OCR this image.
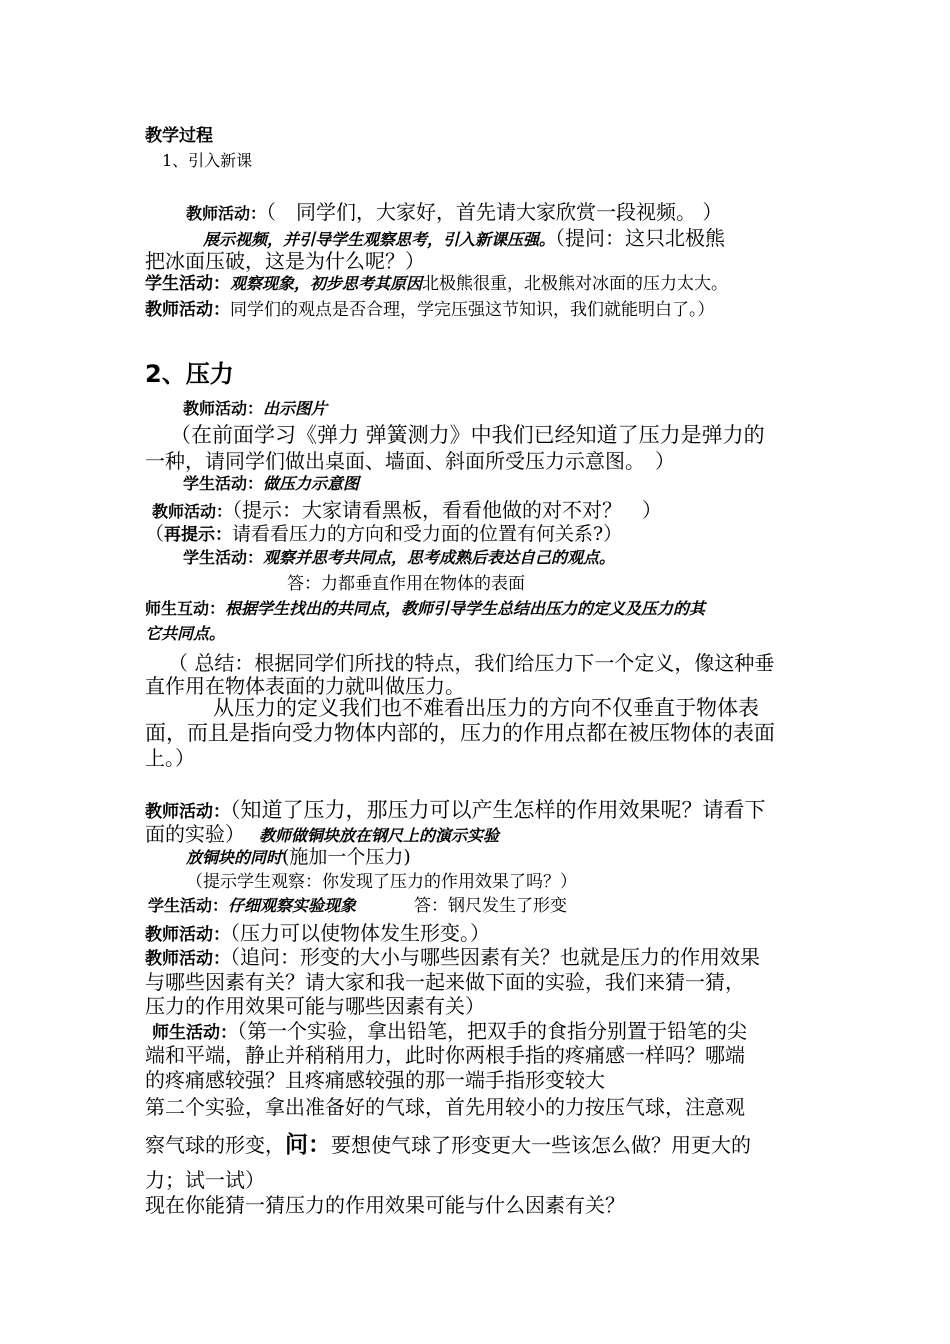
教学过程
1、引入新课
教师活动：（　同学们，大家好，首先请大家欣赏一段视频。 ）
展示视频，并引导学生观察思考，引入新课压强。（提问：这只北极熊
把冰面压破，这是为什么呢？）
学生活动：观察现象，初步思考其原因北极熊很重，北极熊对冰面的压力太大。
教师活动：同学们的观点是否合理，学完压强这节知识，我们就能明白了。）
2、压力
教师活动：出示图片
（在前面学习《弹力 弹簧测力》中我们已经知道了压力是弹力的
一种，请同学们做出桌面、墙面、斜面所受压力示意图。　）
学生活动：做压力示意图
教师活动：（提示：大家请看黑板，看看他做的对不对？　）
（再提示：请看看压力的方向和受力面的位置有何关系?）
学生活动：观察并思考共同点，思考成熟后表达自己的观点。
答：力都垂直作用在物体的表面
师生互动：根据学生找出的共同点，教师引导学生总结出压力的定义及压力的其
它共同点。
（ 总结：根据同学们所找的特点，我们给压力下一个定义，像这种垂
直作用在物体表面的力就叫做压力。
从压力的定义我们也不难看出压力的方向不仅垂直于物体表
面，而且是指向受力物体内部的，压力的作用点都在被压物体的表面
上。）
教师活动：（知道了压力，那压力可以产生怎样的作用效果呢？请看下
面的实验） 教师做铜块放在钢尺上的演示实验
放铜块的同时(施加一个压力)
（提示学生观察：你发现了压力的作用效果了吗？）
学生活动：仔细观察实验现象	答：钢尺发生了形变
教师活动：（压力可以使物体发生形变。）
教师活动：（追问：形变的大小与哪些因素有关？也就是压力的作用效果
与哪些因素有关？请大家和我一起来做下面的实验，我们来猜一猜，
压力的作用效果可能与哪些因素有关）
师生活动：（第一个实验，拿出铅笔，把双手的食指分别置于铅笔的尖
端和平端，静止并稍稍用力，此时你两根手指的疼痛感一样吗？哪端
的疼痛感较强？且疼痛感较强的那一端手指形变较大
第二个实验，拿出准备好的气球，首先用较小的力按压气球，注意观
察气球的形变，问：要想使气球了形变更大一些该怎么做？用更大的
力；试一试）
现在你能猜一猜压力的作用效果可能与什么因素有关？
